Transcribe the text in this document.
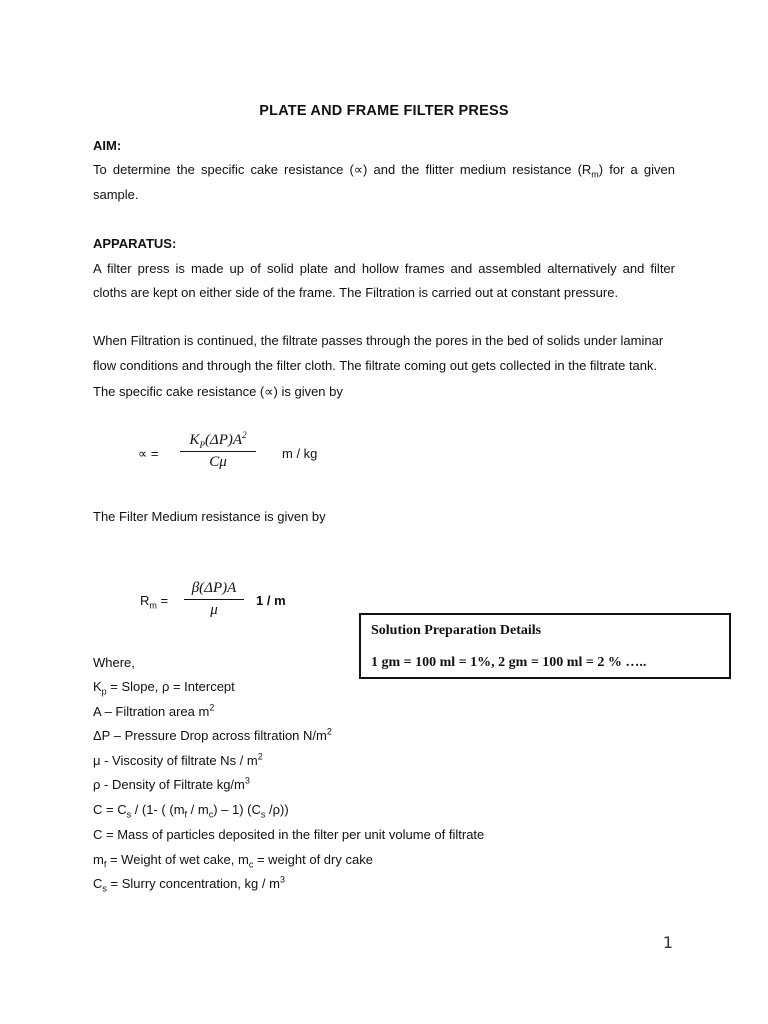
PLATE AND FRAME FILTER PRESS
AIM:
To determine the specific cake resistance (∝) and the flitter medium resistance $(R_m)$ for a given
sample.
APPARATUS:
A filter press is made up of solid plate and hollow frames and assembled alternatively and filter
cloths are kept on either side of the frame. The Filtration is carried out at constant pressure.
When Filtration is continued, the filtrate passes through the pores in the bed of solids under laminar
flow conditions and through the filter cloth. The filtrate coming out gets collected in the filtrate tank.
The specific cake resistance (∝) is given by
∝ =
$K_P(\Delta P)A^2$
Cμ
m / kg
The Filter Medium resistance is given by
$R_m$ =
β(ΔP)A
μ
1 / m
Solution Preparation Details
1 gm = 100 ml = 1%, 2 gm = 100 ml = 2 % …..
Where,
$K_p$ = Slope, ρ = Intercept
A – Filtration area $m^2$
ΔP – Pressure Drop across filtration $N/m^2$
μ - Viscosity of filtrate Ns / $m^2$
ρ - Density of Filtrate $kg/m^3$
$C = C_s / (1-$ ( $(m_f / m_c) - 1$) ($C_s$ /ρ))
C = Mass of particles deposited in the filter per unit volume of filtrate
$m_f$ = Weight of wet cake, $m_c$ = weight of dry cake
$C_s$ = Slurry concentration, kg / $m^3$
1
